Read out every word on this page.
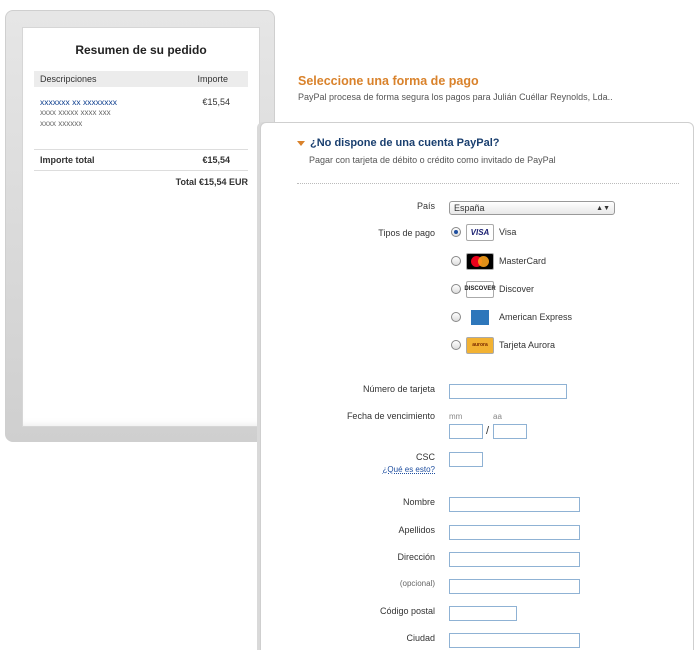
Resumen de su pedido
Descripciones	Importe
xxxxxxx xx xxxxxxxx
xxxx xxxxx xxxx xxx
xxxx xxxxxx
€15,54
Importe total	€15,54
Total €15,54 EUR
Seleccione una forma de pago
PayPal procesa de forma segura los pagos para Julián Cuéllar Reynolds, Lda..
¿No dispone de una cuenta PayPal?
Pagar con tarjeta de débito o crédito como invitado de PayPal
País España	▲▼
Tipos de pago	VISA	Visa
MasterCard
DISCOVER Discover
American Express
aurora	Tarjeta Aurora
Número de tarjeta
Fecha de vencimiento mm	aa
/
CSC
¿Qué es esto?
Nombre
Apellidos
Dirección
(opcional)
Código postal
Ciudad
